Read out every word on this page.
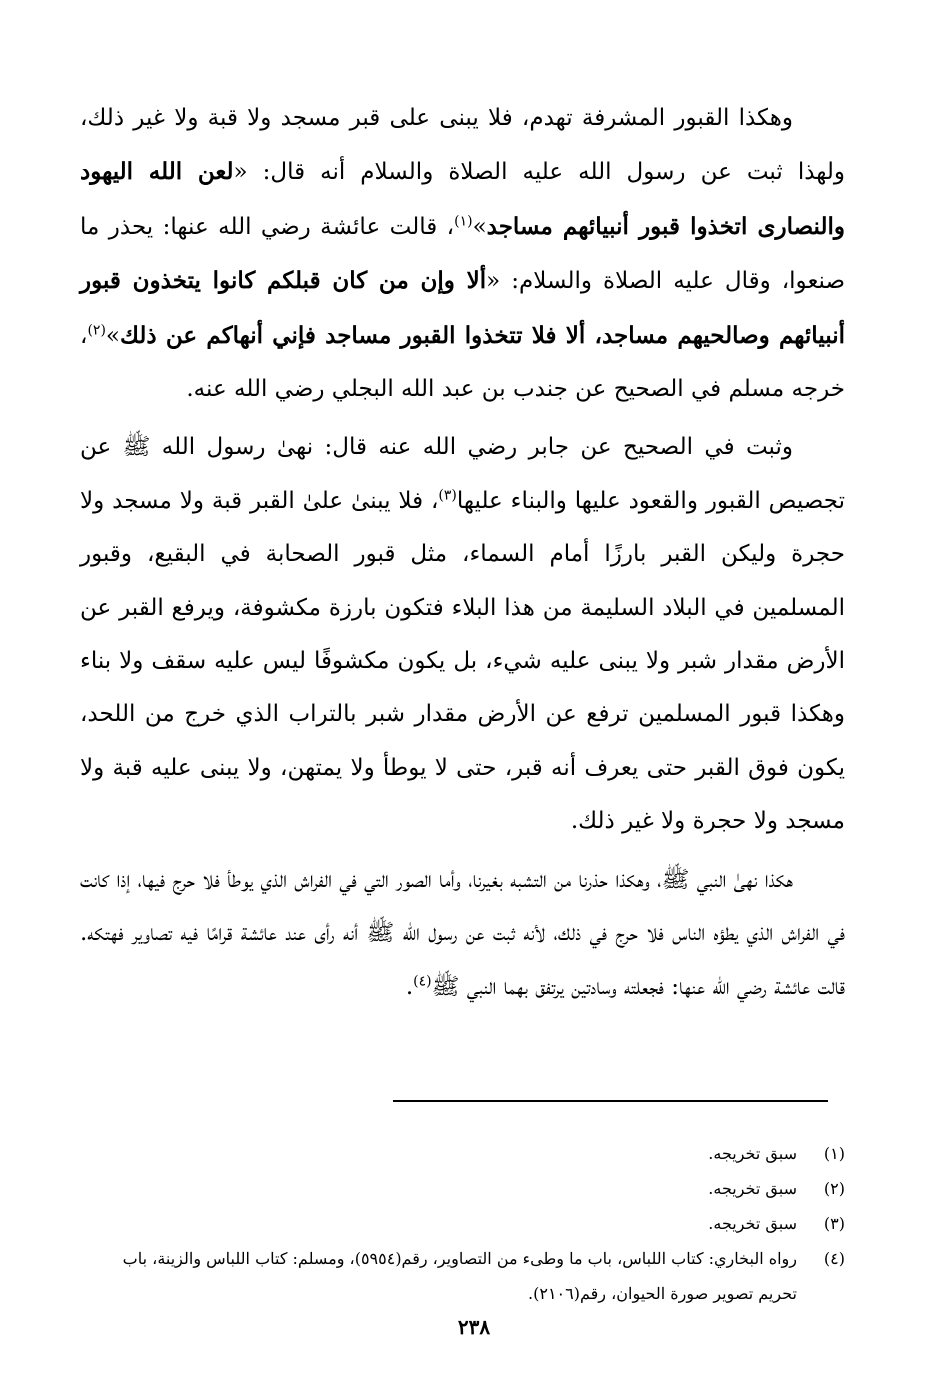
وهكذا القبور المشرفة تهدم، فلا يبنى على قبر مسجد ولا قبة ولا غير ذلك، ولهذا ثبت عن رسول الله عليه الصلاة والسلام أنه قال: «لعن الله اليهود والنصارى اتخذوا قبور أنبيائهم مساجد»$^{(١)}$، قالت عائشة رضي الله عنها: يحذر ما صنعوا، وقال عليه الصلاة والسلام: «ألا وإن من كان قبلكم كانوا يتخذون قبور أنبيائهم وصالحيهم مساجد، ألا فلا تتخذوا القبور مساجد فإني أنهاكم عن ذلك»$^{(٢)}$، خرجه مسلم في الصحيح عن جندب بن عبد الله البجلي رضي الله عنه.

وثبت في الصحيح عن جابر رضي الله عنه قال: نهىٰ رسول الله ﷺ عن تجصيص القبور والقعود عليها والبناء عليها$^{(٣)}$، فلا يبنىٰ علىٰ القبر قبة ولا مسجد ولا حجرة وليكن القبر بارزًا أمام السماء، مثل قبور الصحابة في البقيع، وقبور المسلمين في البلاد السليمة من هذا البلاء فتكون بارزة مكشوفة، ويرفع القبر عن الأرض مقدار شبر ولا يبنى عليه شيء، بل يكون مكشوفًا ليس عليه سقف ولا بناء وهكذا قبور المسلمين ترفع عن الأرض مقدار شبر بالتراب الذي خرج من اللحد، يكون فوق القبر حتى يعرف أنه قبر، حتى لا يوطأ ولا يمتهن، ولا يبنى عليه قبة ولا مسجد ولا حجرة ولا غير ذلك.

هكذا نهىٰ النبي ﷺ، وهكذا حذرنا من التشبه بغيرنا، وأما الصور التي في الفراش الذي يوطأ فلا حرج فيها، إذا كانت في الفراش الذي يطؤه الناس فلا حرج في ذلك، لأنه ثبت عن رسول الله ﷺ أنه رأى عند عائشة قرامًا فيه تصاوير فهتكه. قالت عائشة رضي الله عنها: فجعلته وسادتين يرتفق بهما النبي ﷺ$^{(٤)}$.

(١)
سبق تخريجه.
(٢)
سبق تخريجه.
(٣)
سبق تخريجه.
(٤)
رواه البخاري: كتاب اللباس، باب ما وطىء من التصاوير، رقم(٥٩٥٤)، ومسلم: كتاب اللباس والزينة، باب تحريم تصوير صورة الحيوان، رقم(٢١٠٦).
٢٣٨
